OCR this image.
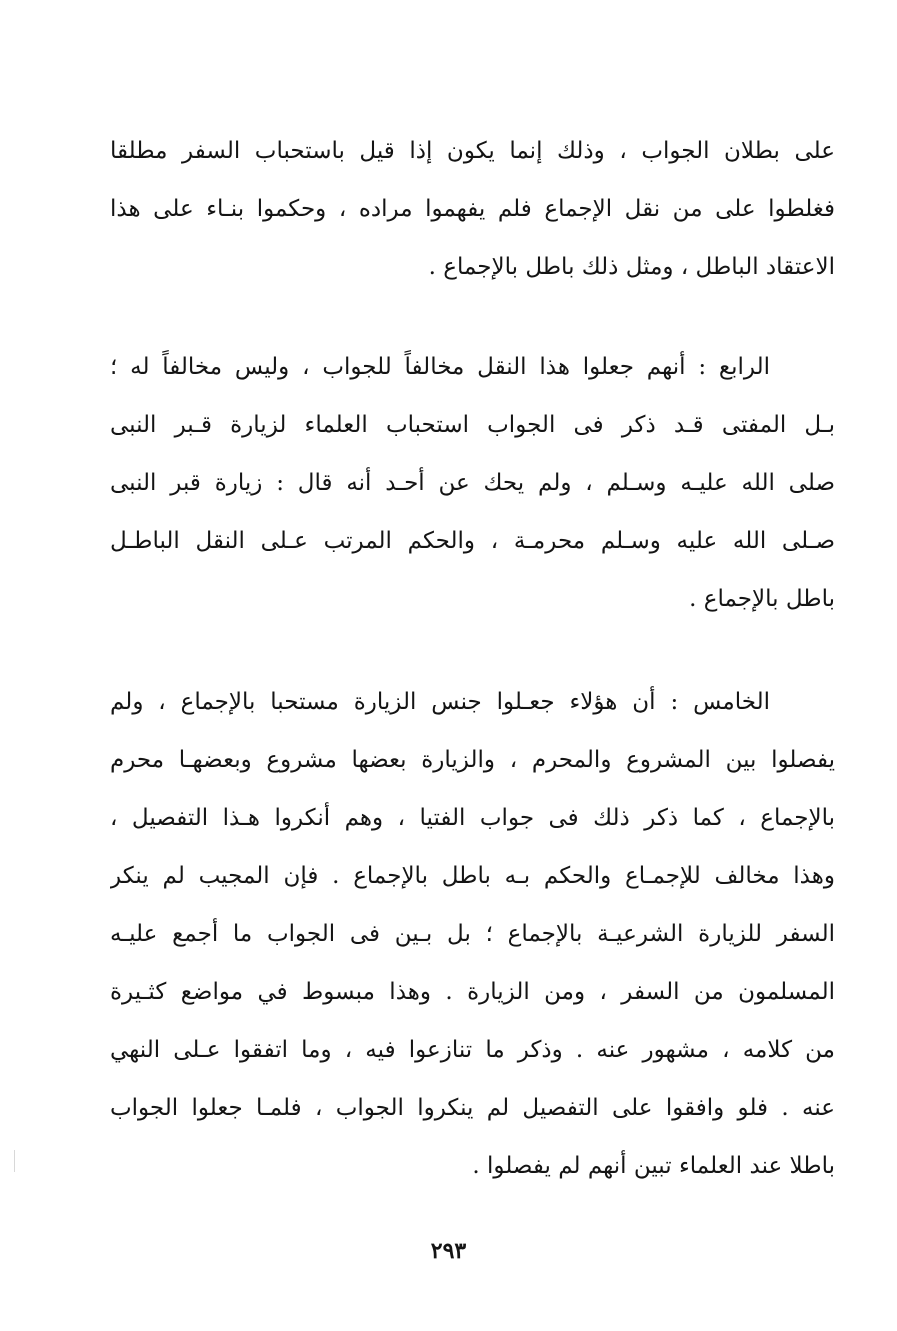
على بطلان الجواب ، وذلك إنما يكون إذا قيل باستحباب السفر مطلقا
فغلطوا على من نقل الإجماع فلم يفهموا مراده ، وحكموا بنـاء على هذا
الاعتقاد الباطل ، ومثل ذلك باطل بالإجماع .
الرابع : أنهم جعلوا هذا النقل مخالفاً للجواب ، وليس مخالفاً له ؛
بـل المفتى قـد ذكر فى الجواب استحباب العلماء لزيارة قـبر النبى
صلى الله عليـه وسـلم ، ولم يحك عن أحـد أنه قال : زيارة قبر النبى
صـلى الله عليه وسـلم محرمـة ، والحكم المرتب عـلى النقل الباطـل
باطل بالإجماع .
الخامس : أن هؤلاء جعـلوا جنس الزيارة مستحبا بالإجماع ، ولم
يفصلوا بين المشروع والمحرم ، والزيارة بعضها مشروع وبعضهـا محرم
بالإجماع ، كما ذكر ذلك فى جواب الفتيا ، وهم أنكروا هـذا التفصيل ،
وهذا مخالف للإجمـاع والحكم بـه باطل بالإجماع . فإن المجيب لم ينكر
السفر للزيارة الشرعيـة بالإجماع ؛ بل بـين فى الجواب ما أجمع عليـه
المسلمون من السفر ، ومن الزيارة . وهذا مبسوط في مواضع كثـيرة
من كلامه ، مشهور عنه . وذكر ما تنازعوا فيه ، وما اتفقوا عـلى النهي
عنه . فلو وافقوا على التفصيل لم ينكروا الجواب ، فلمـا جعلوا الجواب
باطلا عند العلماء تبين أنهم لم يفصلوا .
٢٩٣
